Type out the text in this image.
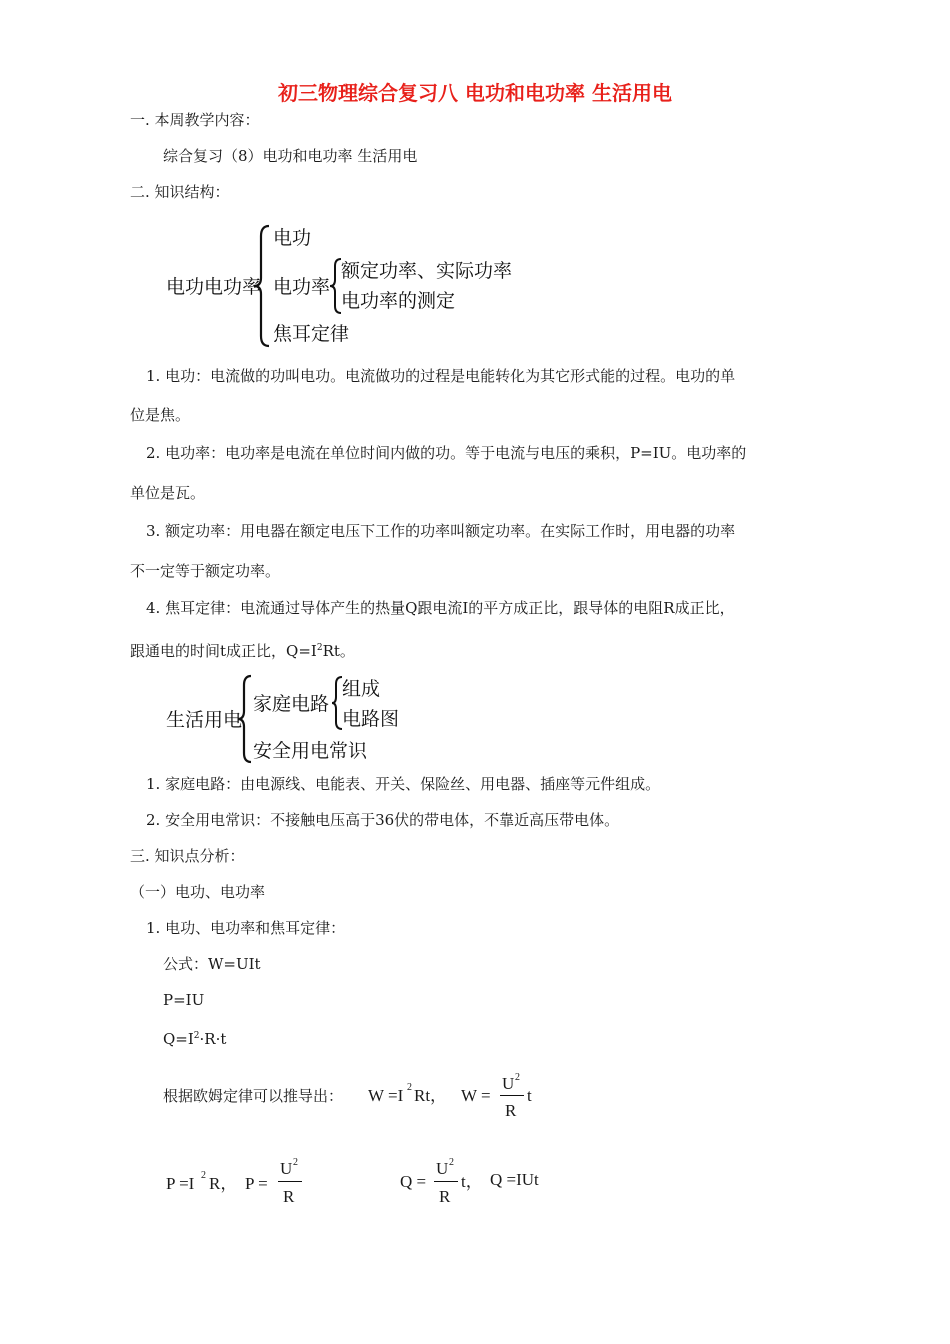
初三物理综合复习八 电功和电功率 生活用电
一. 本周教学内容：
综合复习（8）电功和电功率 生活用电
二. 知识结构：
电功电功率
电功
电功率
焦耳定律
额定功率、实际功率
电功率的测定
1. 电功：电流做的功叫电功。电流做功的过程是电能转化为其它形式能的过程。电功的单
位是焦。
2. 电功率：电功率是电流在单位时间内做的功。等于电流与电压的乘积，P=IU。电功率的
单位是瓦。
3. 额定功率：用电器在额定电压下工作的功率叫额定功率。在实际工作时，用电器的功率
不一定等于额定功率。
4. 焦耳定律：电流通过导体产生的热量Q跟电流I的平方成正比，跟导体的电阻R成正比，
跟通电的时间t成正比，$Q=I^2Rt$。
生活用电
家庭电路
安全用电常识
组成
电路图
1. 家庭电路：由电源线、电能表、开关、保险丝、用电器、插座等元件组成。
2. 安全用电常识：不接触电压高于36伏的带电体，不靠近高压带电体。
三. 知识点分析：
（一）电功、电功率
1. 电功、电功率和焦耳定律：
公式：W=UIt
P=IU
$Q=I^2\cdot R\cdot t$
根据欧姆定律可以推导出： W =I 2 Rt， W =
U 2
R
t
P =I 2 R， P =
U 2
R
Q =
U 2
R
t， Q =IUt
